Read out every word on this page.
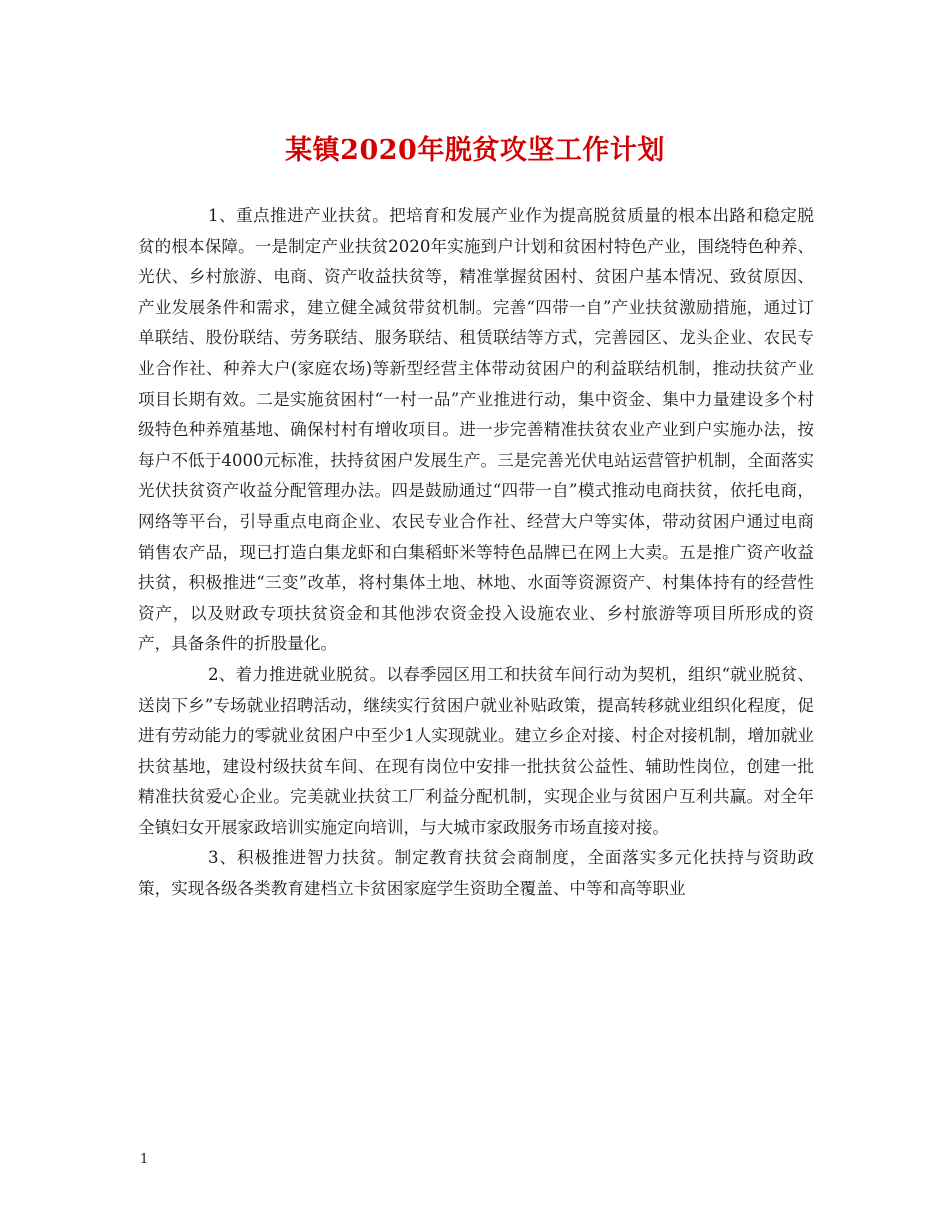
某镇2020年脱贫攻坚工作计划

1、重点推进产业扶贫。把培育和发展产业作为提高脱贫质量的根本出路和稳定脱贫的根本保障。一是制定产业扶贫2020年实施到户计划和贫困村特色产业，围绕特色种养、光伏、乡村旅游、电商、资产收益扶贫等，精准掌握贫困村、贫困户基本情况、致贫原因、产业发展条件和需求，建立健全减贫带贫机制。完善“四带一自”产业扶贫激励措施，通过订单联结、股份联结、劳务联结、服务联结、租赁联结等方式，完善园区、龙头企业、农民专业合作社、种养大户(家庭农场)等新型经营主体带动贫困户的利益联结机制，推动扶贫产业项目长期有效。二是实施贫困村“一村一品”产业推进行动，集中资金、集中力量建设多个村级特色种养殖基地、确保村村有增收项目。进一步完善精准扶贫农业产业到户实施办法，按每户不低于4000元标准，扶持贫困户发展生产。三是完善光伏电站运营管护机制，全面落实光伏扶贫资产收益分配管理办法。四是鼓励通过“四带一自”模式推动电商扶贫，依托电商，网络等平台，引导重点电商企业、农民专业合作社、经营大户等实体，带动贫困户通过电商销售农产品，现已打造白集龙虾和白集稻虾米等特色品牌已在网上大卖。五是推广资产收益扶贫，积极推进“三变”改革，将村集体土地、林地、水面等资源资产、村集体持有的经营性资产，以及财政专项扶贫资金和其他涉农资金投入设施农业、乡村旅游等项目所形成的资产，具备条件的折股量化。

2、着力推进就业脱贫。以春季园区用工和扶贫车间行动为契机，组织“就业脱贫、送岗下乡”专场就业招聘活动，继续实行贫困户就业补贴政策，提高转移就业组织化程度，促进有劳动能力的零就业贫困户中至少1人实现就业。建立乡企对接、村企对接机制，增加就业扶贫基地，建设村级扶贫车间、在现有岗位中安排一批扶贫公益性、辅助性岗位，创建一批精准扶贫爱心企业。完美就业扶贫工厂利益分配机制，实现企业与贫困户互利共赢。对全年全镇妇女开展家政培训实施定向培训，与大城市家政服务市场直接对接。

3、积极推进智力扶贫。制定教育扶贫会商制度，全面落实多元化扶持与资助政策，实现各级各类教育建档立卡贫困家庭学生资助全覆盖、中等和高等职业

1
